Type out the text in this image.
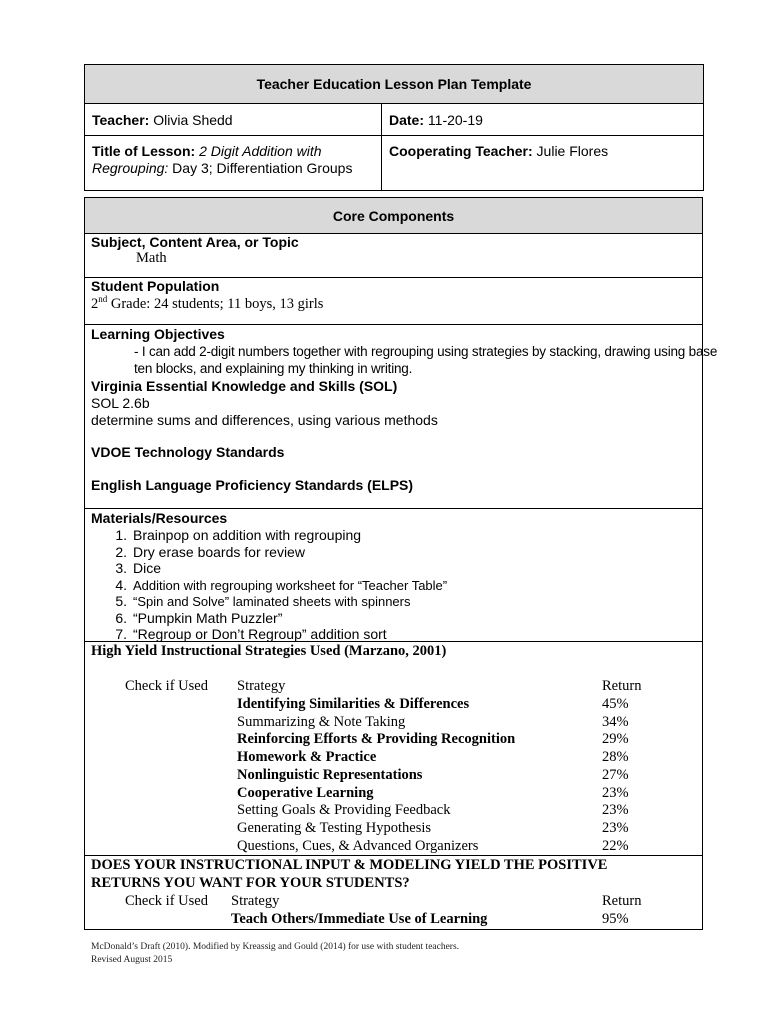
Teacher Education Lesson Plan Template	
Teacher: Olivia Shedd	Date: 11-20-19
Title of Lesson: 2 Digit Addition with Regrouping: Day 3; Differentiation Groups	Cooperating Teacher: Julie Flores
Core Components
Subject, Content Area, or Topic
Math
Student Population
2nd Grade: 24 students; 11 boys, 13 girls
Learning Objectives
- I can add 2-digit numbers together with regrouping using strategies by stacking, drawing using base
ten blocks, and explaining my thinking in writing.
Virginia Essential Knowledge and Skills (SOL)
SOL 2.6b
determine sums and differences, using various methods
VDOE Technology Standards
English Language Proficiency Standards (ELPS)
Materials/Resources
1. Brainpop on addition with regrouping
2. Dry erase boards for review
3. Dice
4. Addition with regrouping worksheet for “Teacher Table”
5. “Spin and Solve” laminated sheets with spinners
6. “Pumpkin Math Puzzler”
7. “Regroup or Don’t Regroup” addition sort
High Yield Instructional Strategies Used (Marzano, 2001)
Check if Used Strategy	Return
Identifying Similarities & Differences	45%
Summarizing & Note Taking	34%
Reinforcing Efforts & Providing Recognition	29%
Homework & Practice	28%
Nonlinguistic Representations	27%
Cooperative Learning	23%
Setting Goals & Providing Feedback	23%
Generating & Testing Hypothesis	23%
Questions, Cues, & Advanced Organizers	22%
DOES YOUR INSTRUCTIONAL INPUT & MODELING YIELD THE POSITIVE
RETURNS YOU WANT FOR YOUR STUDENTS?
Check if Used Strategy	Return
Teach Others/Immediate Use of Learning	95%
McDonald’s Draft (2010). Modified by Kreassig and Gould (2014) for use with student teachers.
Revised August 2015
